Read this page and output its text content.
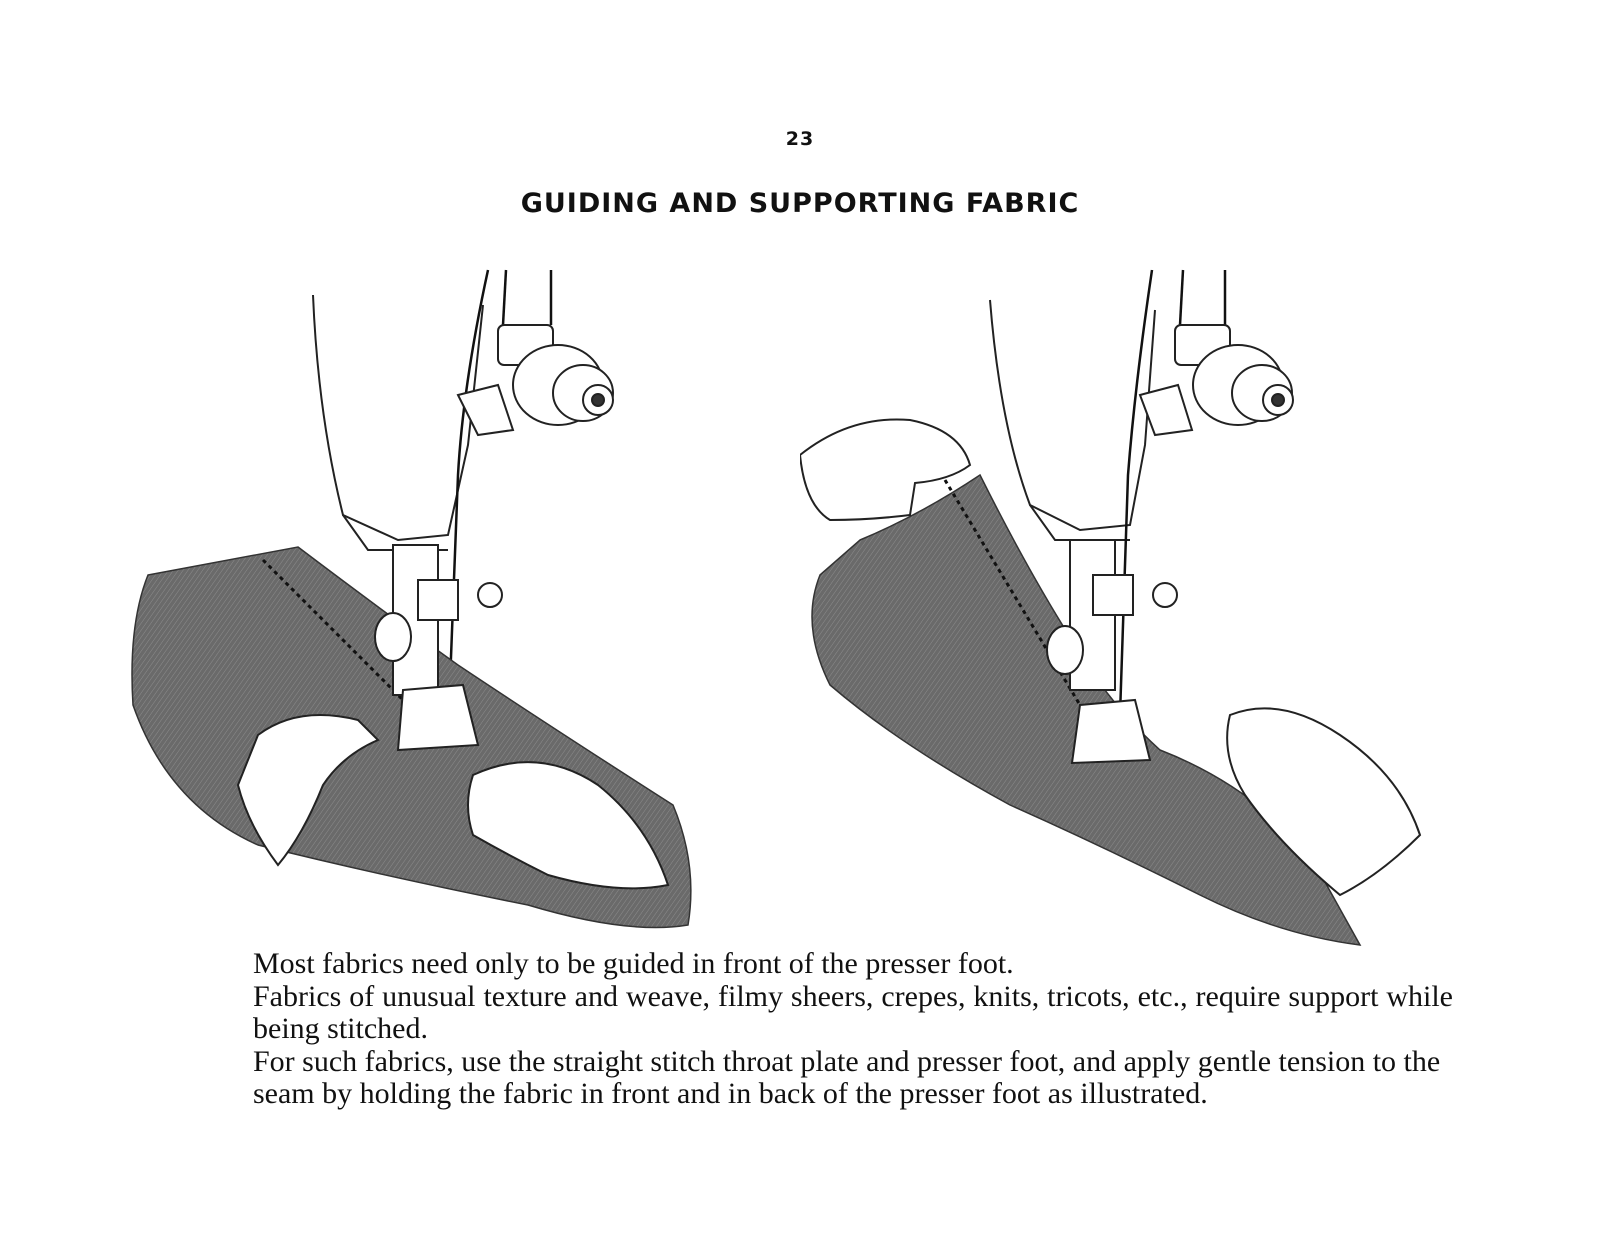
23
GUIDING AND SUPPORTING FABRIC

Most fabrics need only to be guided in front of the presser foot.

Fabrics of unusual texture and weave, filmy sheers, crepes, knits, tricots, etc., require support while being stitched.

For such fabrics, use the straight stitch throat plate and presser foot, and apply gentle tension to the seam by holding the fabric in front and in back of the presser foot as illustrated.
